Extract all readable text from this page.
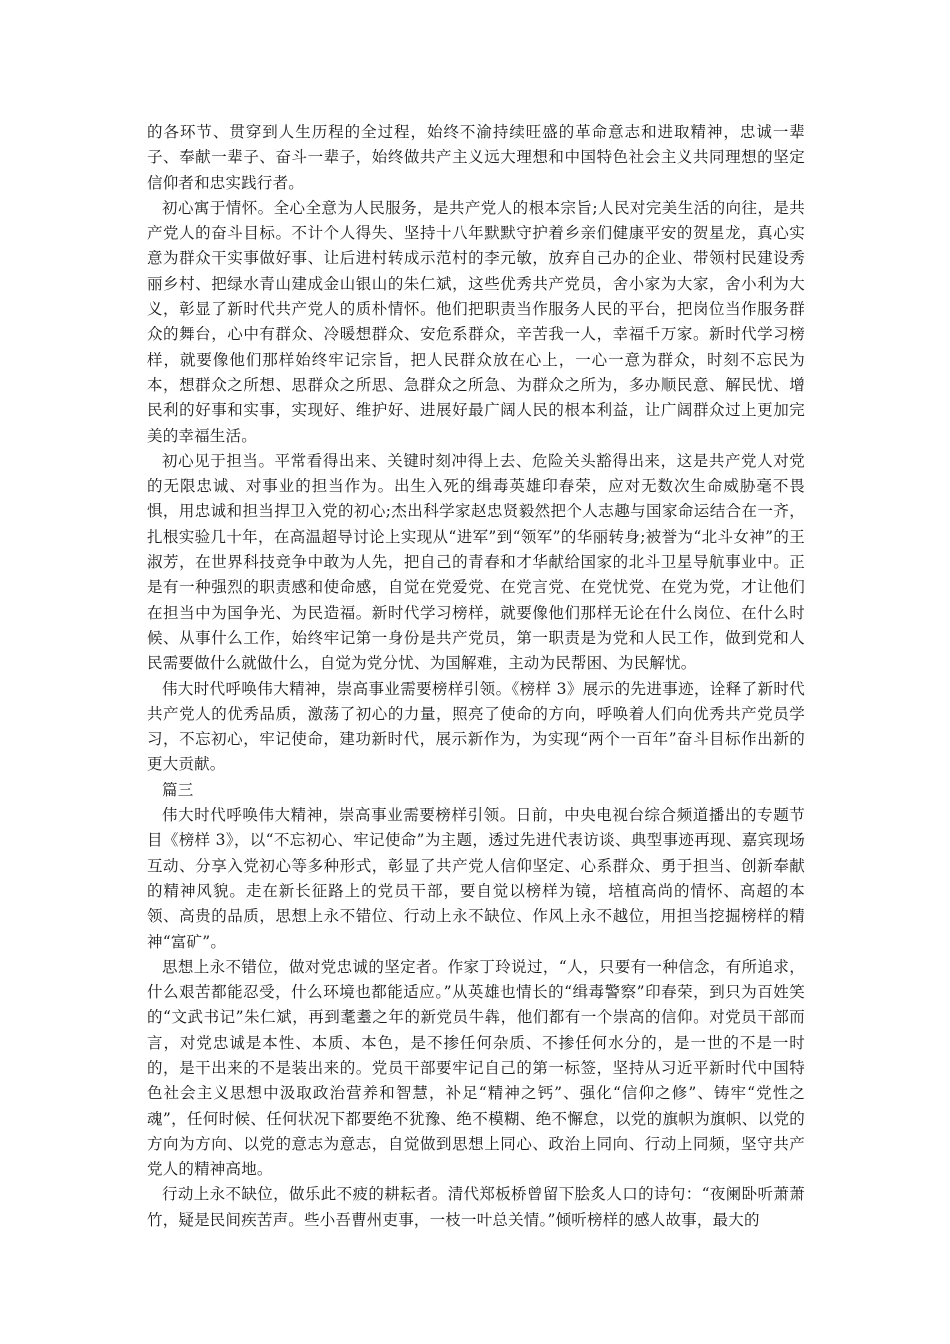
的各环节、贯穿到人生历程的全过程，始终不渝持续旺盛的革命意志和进取精神，忠诚一辈子、奉献一辈子、奋斗一辈子，始终做共产主义远大理想和中国特色社会主义共同理想的坚定信仰者和忠实践行者。

初心寓于情怀。全心全意为人民服务，是共产党人的根本宗旨;人民对完美生活的向往，是共产党人的奋斗目标。不计个人得失、坚持十八年默默守护着乡亲们健康平安的贺星龙，真心实意为群众干实事做好事、让后进村转成示范村的李元敏，放弃自己办的企业、带领村民建设秀丽乡村、把绿水青山建成金山银山的朱仁斌，这些优秀共产党员，舍小家为大家，舍小利为大义，彰显了新时代共产党人的质朴情怀。他们把职责当作服务人民的平台，把岗位当作服务群众的舞台，心中有群众、冷暖想群众、安危系群众，辛苦我一人，幸福千万家。新时代学习榜样，就要像他们那样始终牢记宗旨，把人民群众放在心上，一心一意为群众，时刻不忘民为本，想群众之所想、思群众之所思、急群众之所急、为群众之所为，多办顺民意、解民忧、增民利的好事和实事，实现好、维护好、进展好最广阔人民的根本利益，让广阔群众过上更加完美的幸福生活。

初心见于担当。平常看得出来、关键时刻冲得上去、危险关头豁得出来，这是共产党人对党的无限忠诚、对事业的担当作为。出生入死的缉毒英雄印春荣，应对无数次生命威胁毫不畏惧，用忠诚和担当捍卫入党的初心;杰出科学家赵忠贤毅然把个人志趣与国家命运结合在一齐，扎根实验几十年，在高温超导讨论上实现从“进军”到“领军”的华丽转身;被誉为“北斗女神”的王淑芳，在世界科技竞争中敢为人先，把自己的青春和才华献给国家的北斗卫星导航事业中。正是有一种强烈的职责感和使命感，自觉在党爱党、在党言党、在党忧党、在党为党，才让他们在担当中为国争光、为民造福。新时代学习榜样，就要像他们那样无论在什么岗位、在什么时候、从事什么工作，始终牢记第一身份是共产党员，第一职责是为党和人民工作，做到党和人民需要做什么就做什么，自觉为党分忧、为国解难，主动为民帮困、为民解忧。

伟大时代呼唤伟大精神，崇高事业需要榜样引领。《榜样 3》展示的先进事迹，诠释了新时代共产党人的优秀品质，激荡了初心的力量，照亮了使命的方向，呼唤着人们向优秀共产党员学习，不忘初心，牢记使命，建功新时代，展示新作为，为实现“两个一百年”奋斗目标作出新的更大贡献。

篇三

伟大时代呼唤伟大精神，崇高事业需要榜样引领。日前，中央电视台综合频道播出的专题节目《榜样 3》，以“不忘初心、牢记使命”为主题，透过先进代表访谈、典型事迹再现、嘉宾现场互动、分享入党初心等多种形式，彰显了共产党人信仰坚定、心系群众、勇于担当、创新奉献的精神风貌。走在新长征路上的党员干部，要自觉以榜样为镜，培植高尚的情怀、高超的本领、高贵的品质，思想上永不错位、行动上永不缺位、作风上永不越位，用担当挖掘榜样的精神“富矿”。

思想上永不错位，做对党忠诚的坚定者。作家丁玲说过，“人，只要有一种信念，有所追求，什么艰苦都能忍受，什么环境也都能适应。”从英雄也情长的“缉毒警察”印春荣，到只为百姓笑的“文武书记”朱仁斌，再到耄耋之年的新党员牛犇，他们都有一个崇高的信仰。对党员干部而言，对党忠诚是本性、本质、本色，是不掺任何杂质、不掺任何水分的，是一世的不是一时的，是干出来的不是装出来的。党员干部要牢记自己的第一标签，坚持从习近平新时代中国特色社会主义思想中汲取政治营养和智慧，补足“精神之钙”、强化“信仰之修”、铸牢“党性之魂”，任何时候、任何状况下都要绝不犹豫、绝不模糊、绝不懈怠，以党的旗帜为旗帜、以党的方向为方向、以党的意志为意志，自觉做到思想上同心、政治上同向、行动上同频，坚守共产党人的精神高地。

行动上永不缺位，做乐此不疲的耕耘者。清代郑板桥曾留下脍炙人口的诗句：“夜阑卧听萧萧竹，疑是民间疾苦声。些小吾曹州吏事，一枝一叶总关情。”倾听榜样的感人故事，最大的
